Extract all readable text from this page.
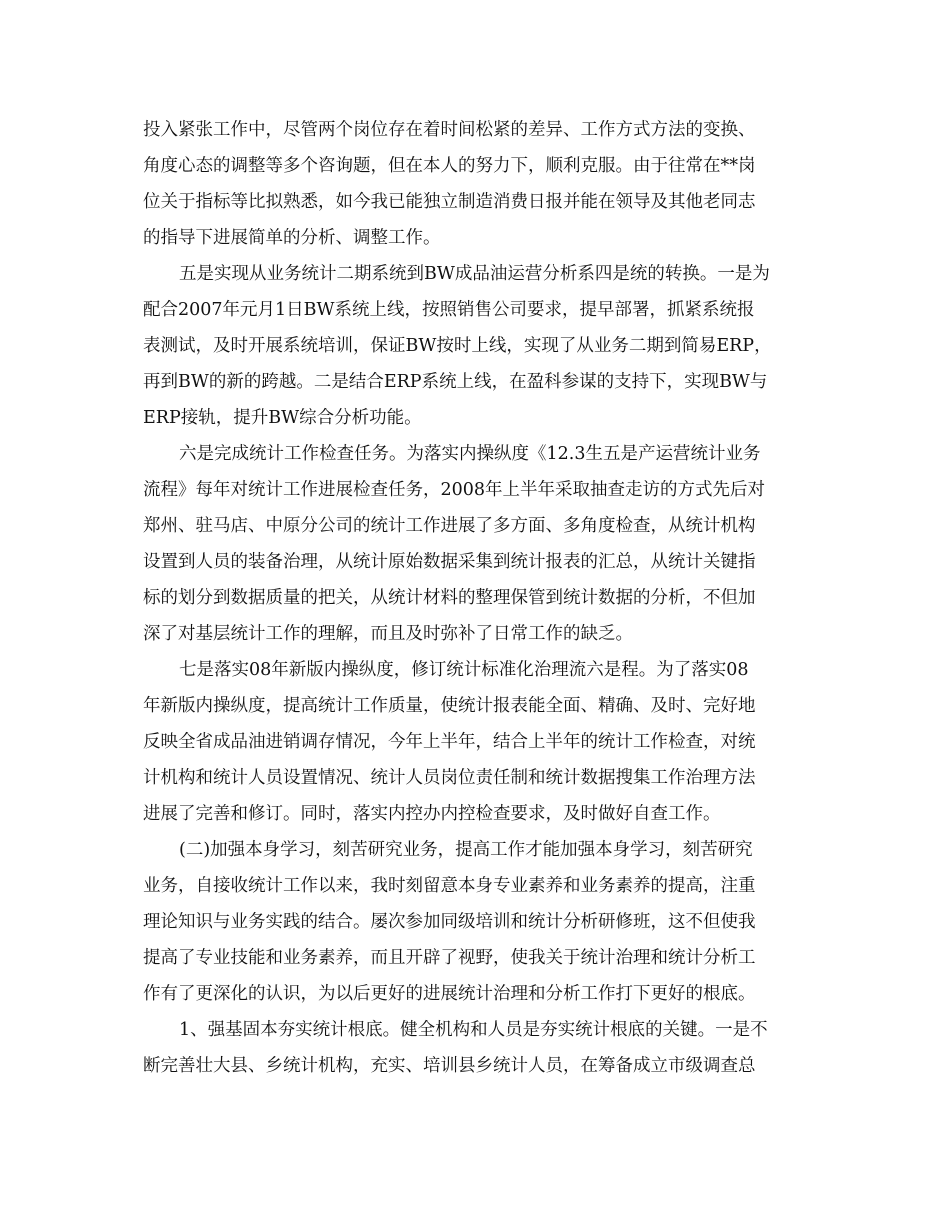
投入紧张工作中，尽管两个岗位存在着时间松紧的差异、工作方式方法的变换、
角度心态的调整等多个咨询题，但在本人的努力下，顺利克服。由于往常在**岗
位关于指标等比拟熟悉，如今我已能独立制造消费日报并能在领导及其他老同志
的指导下进展简单的分析、调整工作。
五是实现从业务统计二期系统到BW成品油运营分析系四是统的转换。一是为
配合2007年元月1日BW系统上线，按照销售公司要求，提早部署，抓紧系统报
表测试，及时开展系统培训，保证BW按时上线，实现了从业务二期到简易ERP，
再到BW的新的跨越。二是结合ERP系统上线，在盈科参谋的支持下，实现BW与
ERP接轨，提升BW综合分析功能。
六是完成统计工作检查任务。为落实内操纵度《12.3生五是产运营统计业务
流程》每年对统计工作进展检查任务，2008年上半年采取抽查走访的方式先后对
郑州、驻马店、中原分公司的统计工作进展了多方面、多角度检查，从统计机构
设置到人员的装备治理，从统计原始数据采集到统计报表的汇总，从统计关键指
标的划分到数据质量的把关，从统计材料的整理保管到统计数据的分析，不但加
深了对基层统计工作的理解，而且及时弥补了日常工作的缺乏。
七是落实08年新版内操纵度，修订统计标准化治理流六是程。为了落实08
年新版内操纵度，提高统计工作质量，使统计报表能全面、精确、及时、完好地
反映全省成品油进销调存情况，今年上半年，结合上半年的统计工作检查，对统
计机构和统计人员设置情况、统计人员岗位责任制和统计数据搜集工作治理方法
进展了完善和修订。同时，落实内控办内控检查要求，及时做好自查工作。
(二)加强本身学习，刻苦研究业务，提高工作才能加强本身学习，刻苦研究
业务，自接收统计工作以来，我时刻留意本身专业素养和业务素养的提高，注重
理论知识与业务实践的结合。屡次参加同级培训和统计分析研修班，这不但使我
提高了专业技能和业务素养，而且开辟了视野，使我关于统计治理和统计分析工
作有了更深化的认识，为以后更好的进展统计治理和分析工作打下更好的根底。
1、强基固本夯实统计根底。健全机构和人员是夯实统计根底的关键。一是不
断完善壮大县、乡统计机构，充实、培训县乡统计人员，在筹备成立市级调查总
